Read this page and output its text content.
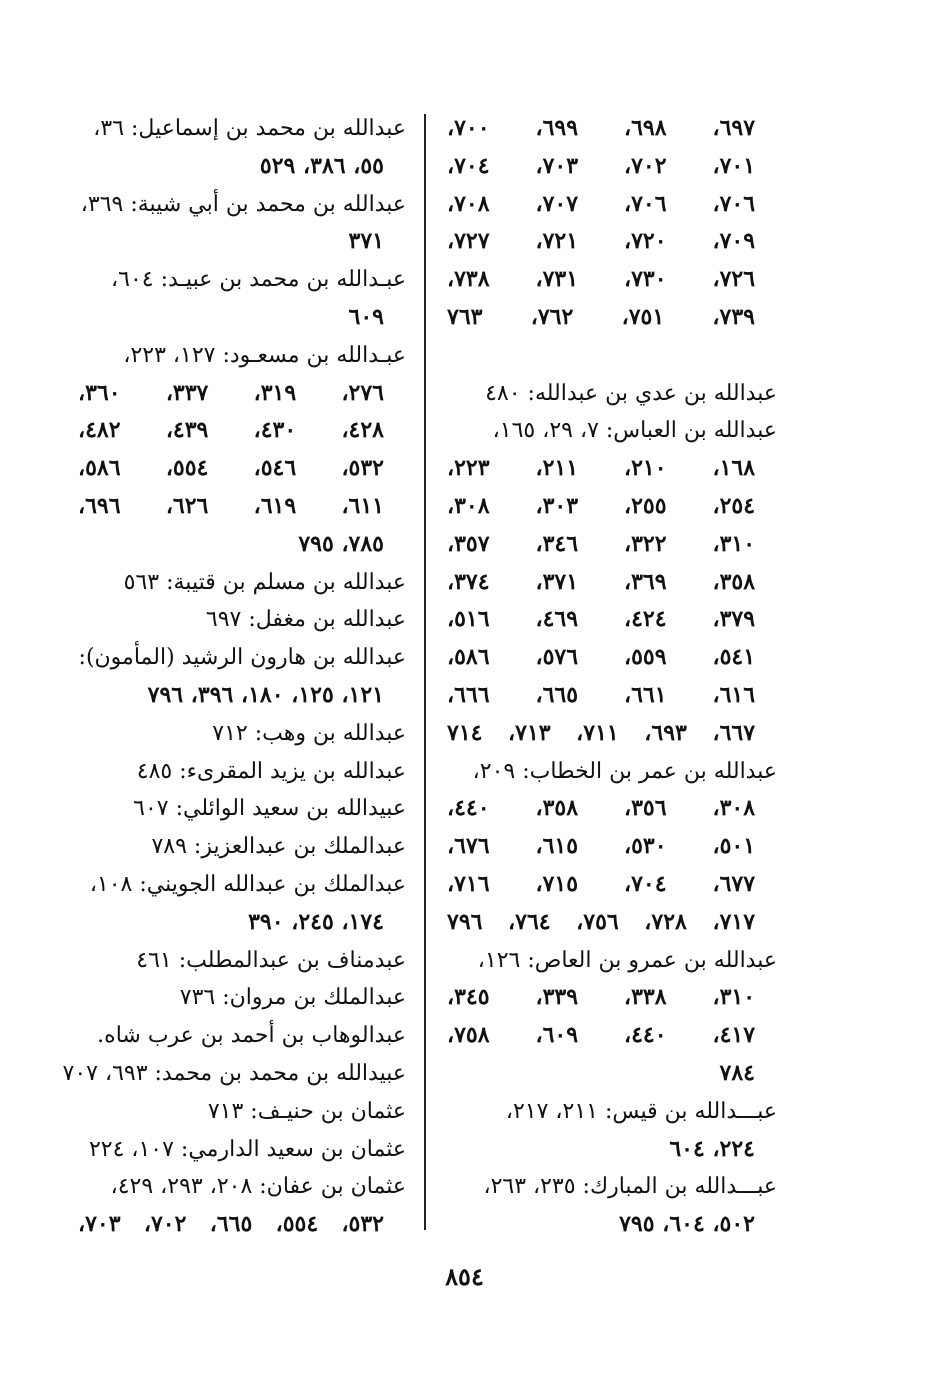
٦٩٧، ٦٩٨، ٦٩٩، ٧٠٠،
٧٠١، ٧٠٢، ٧٠٣، ٧٠٤،
٧٠٦، ٧٠٦، ٧٠٧، ٧٠٨،
٧٠٩، ٧٢٠، ٧٢١، ٧٢٧،
٧٢٦، ٧٣٠، ٧٣١، ٧٣٨،
٧٣٩، ٧٥١، ٧٦٢، ٧٦٣
عبدالله بن عدي بن عبدالله: ٤٨٠
عبدالله بن العباس: ٧، ٢٩، ١٦٥،
١٦٨، ٢١٠، ٢١١، ٢٢٣،
٢٥٤، ٢٥٥، ٣٠٣، ٣٠٨،
٣١٠، ٣٢٢، ٣٤٦، ٣٥٧،
٣٥٨، ٣٦٩، ٣٧١، ٣٧٤،
٣٧٩، ٤٢٤، ٤٦٩، ٥١٦،
٥٤١، ٥٥٩، ٥٧٦، ٥٨٦،
٦١٦، ٦٦١، ٦٦٥، ٦٦٦،
٦٦٧، ٦٩٣، ٧١١، ٧١٣، ٧١٤
عبدالله بن عمر بن الخطاب: ٢٠٩،
٣٠٨، ٣٥٦، ٣٥٨، ٤٤٠،
٥٠١، ٥٣٠، ٦١٥، ٦٧٦،
٦٧٧، ٧٠٤، ٧١٥، ٧١٦،
٧١٧، ٧٢٨، ٧٥٦، ٧٦٤، ٧٩٦
عبدالله بن عمرو بن العاص: ١٢٦،
٣١٠، ٣٣٨، ٣٣٩، ٣٤٥،
٤١٧، ٤٤٠، ٦٠٩، ٧٥٨،
٧٨٤
عبـــدالله بن قيس: ٢١١، ٢١٧،
٢٢٤، ٦٠٤
عبـــدالله بن المبارك: ٢٣٥، ٢٦٣،
٥٠٢، ٦٠٤، ٧٩٥
عبدالله بن محمد بن إسماعيل: ٣٦،
٥٥، ٣٨٦، ٥٢٩
عبدالله بن محمد بن أبي شيبة: ٣٦٩،
٣٧١
عبـدالله بن محمد بن عبيـد: ٦٠٤،
٦٠٩
عبـدالله بن مسعـود: ١٢٧، ٢٢٣،
٢٧٦، ٣١٩، ٣٣٧، ٣٦٠،
٤٢٨، ٤٣٠، ٤٣٩، ٤٨٢،
٥٣٢، ٥٤٦، ٥٥٤، ٥٨٦،
٦١١، ٦١٩، ٦٢٦، ٦٩٦،
٧٨٥، ٧٩٥
عبدالله بن مسلم بن قتيبة: ٥٦٣
عبدالله بن مغفل: ٦٩٧
عبدالله بن هارون الرشيد (المأمون):
١٢١، ١٢٥، ١٨٠، ٣٩٦، ٧٩٦
عبدالله بن وهب: ٧١٢
عبدالله بن يزيد المقرىء: ٤٨٥
عبيدالله بن سعيد الوائلي: ٦٠٧
عبدالملك بن عبدالعزيز: ٧٨٩
عبدالملك بن عبدالله الجويني: ١٠٨،
١٧٤، ٢٤٥، ٣٩٠
عبدمناف بن عبدالمطلب: ٤٦١
عبدالملك بن مروان: ٧٣٦
عبدالوهاب بن أحمد بن عرب شاه.
عبيدالله بن محمد بن محمد: ٦٩٣، ٧٠٧
عثمان بن حنيـف: ٧١٣
عثمان بن سعيد الدارمي: ١٠٧، ٢٢٤
عثمان بن عفان: ٢٠٨، ٢٩٣، ٤٢٩،
٥٣٢، ٥٥٤، ٦٦٥، ٧٠٢، ٧٠٣،
٨٥٤
